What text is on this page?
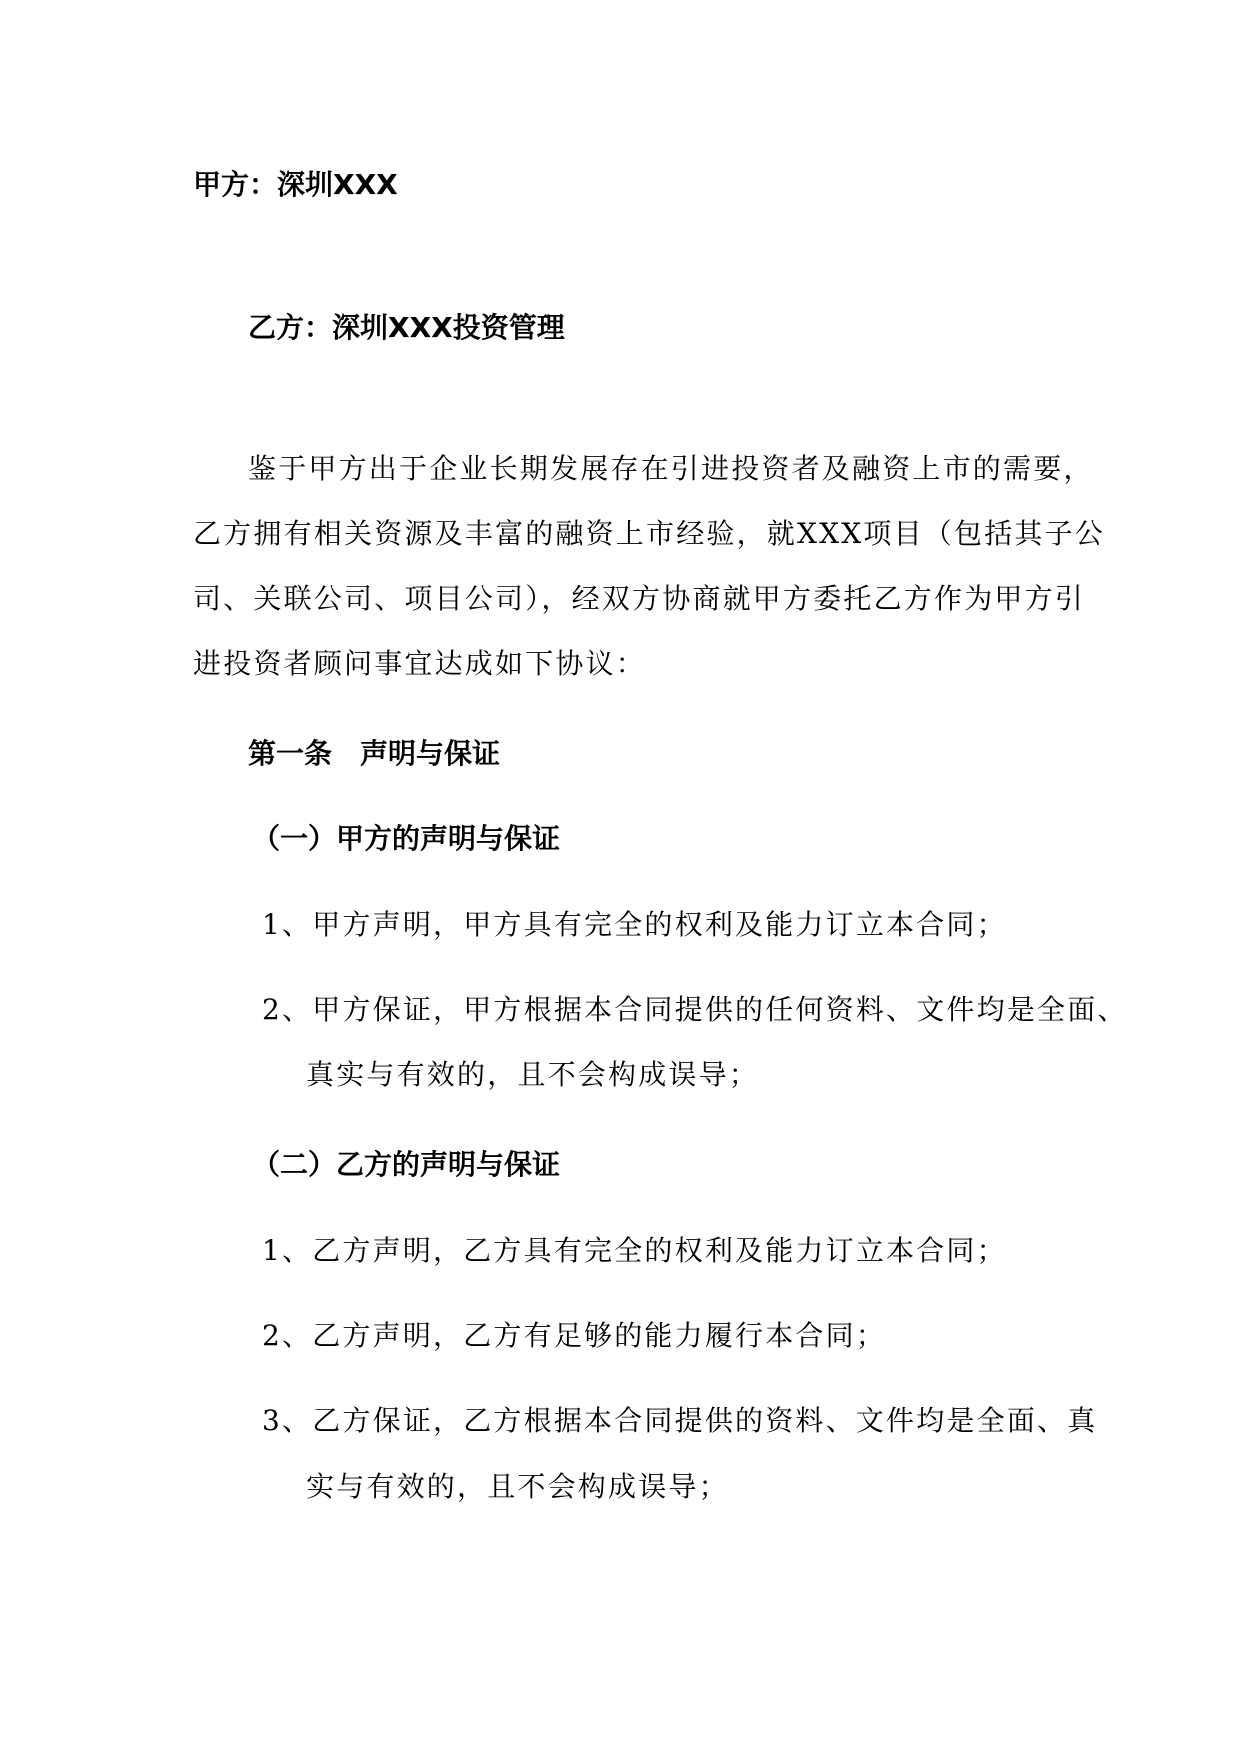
甲方：深圳XXX
乙方：深圳XXX投资管理
鉴于甲方出于企业长期发展存在引进投资者及融资上市的需要，
乙方拥有相关资源及丰富的融资上市经验，就XXX项目（包括其子公
司、关联公司、项目公司），经双方协商就甲方委托乙方作为甲方引
进投资者顾问事宜达成如下协议：
第一条　声明与保证
（一）甲方的声明与保证
1、甲方声明，甲方具有完全的权利及能力订立本合同；
2、甲方保证，甲方根据本合同提供的任何资料、文件均是全面、
真实与有效的，且不会构成误导；
（二）乙方的声明与保证
1、乙方声明，乙方具有完全的权利及能力订立本合同；
2、乙方声明，乙方有足够的能力履行本合同；
3、乙方保证，乙方根据本合同提供的资料、文件均是全面、真
实与有效的，且不会构成误导；
